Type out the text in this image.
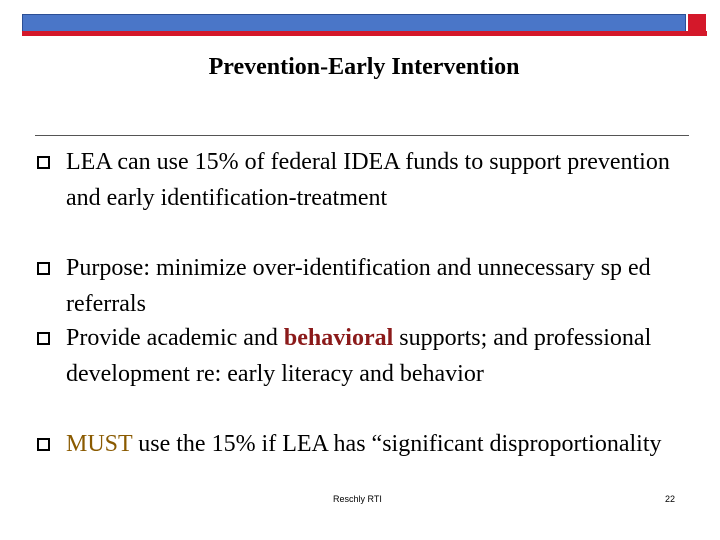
Prevention-Early Intervention
LEA can use 15% of federal IDEA funds to support prevention and early identification-treatment
Purpose: minimize over-identification and unnecessary sp ed referrals
Provide academic and behavioral supports; and professional development re: early literacy and behavior
MUST use the 15% if LEA has “significant disproportionality
Reschly RTI	22
